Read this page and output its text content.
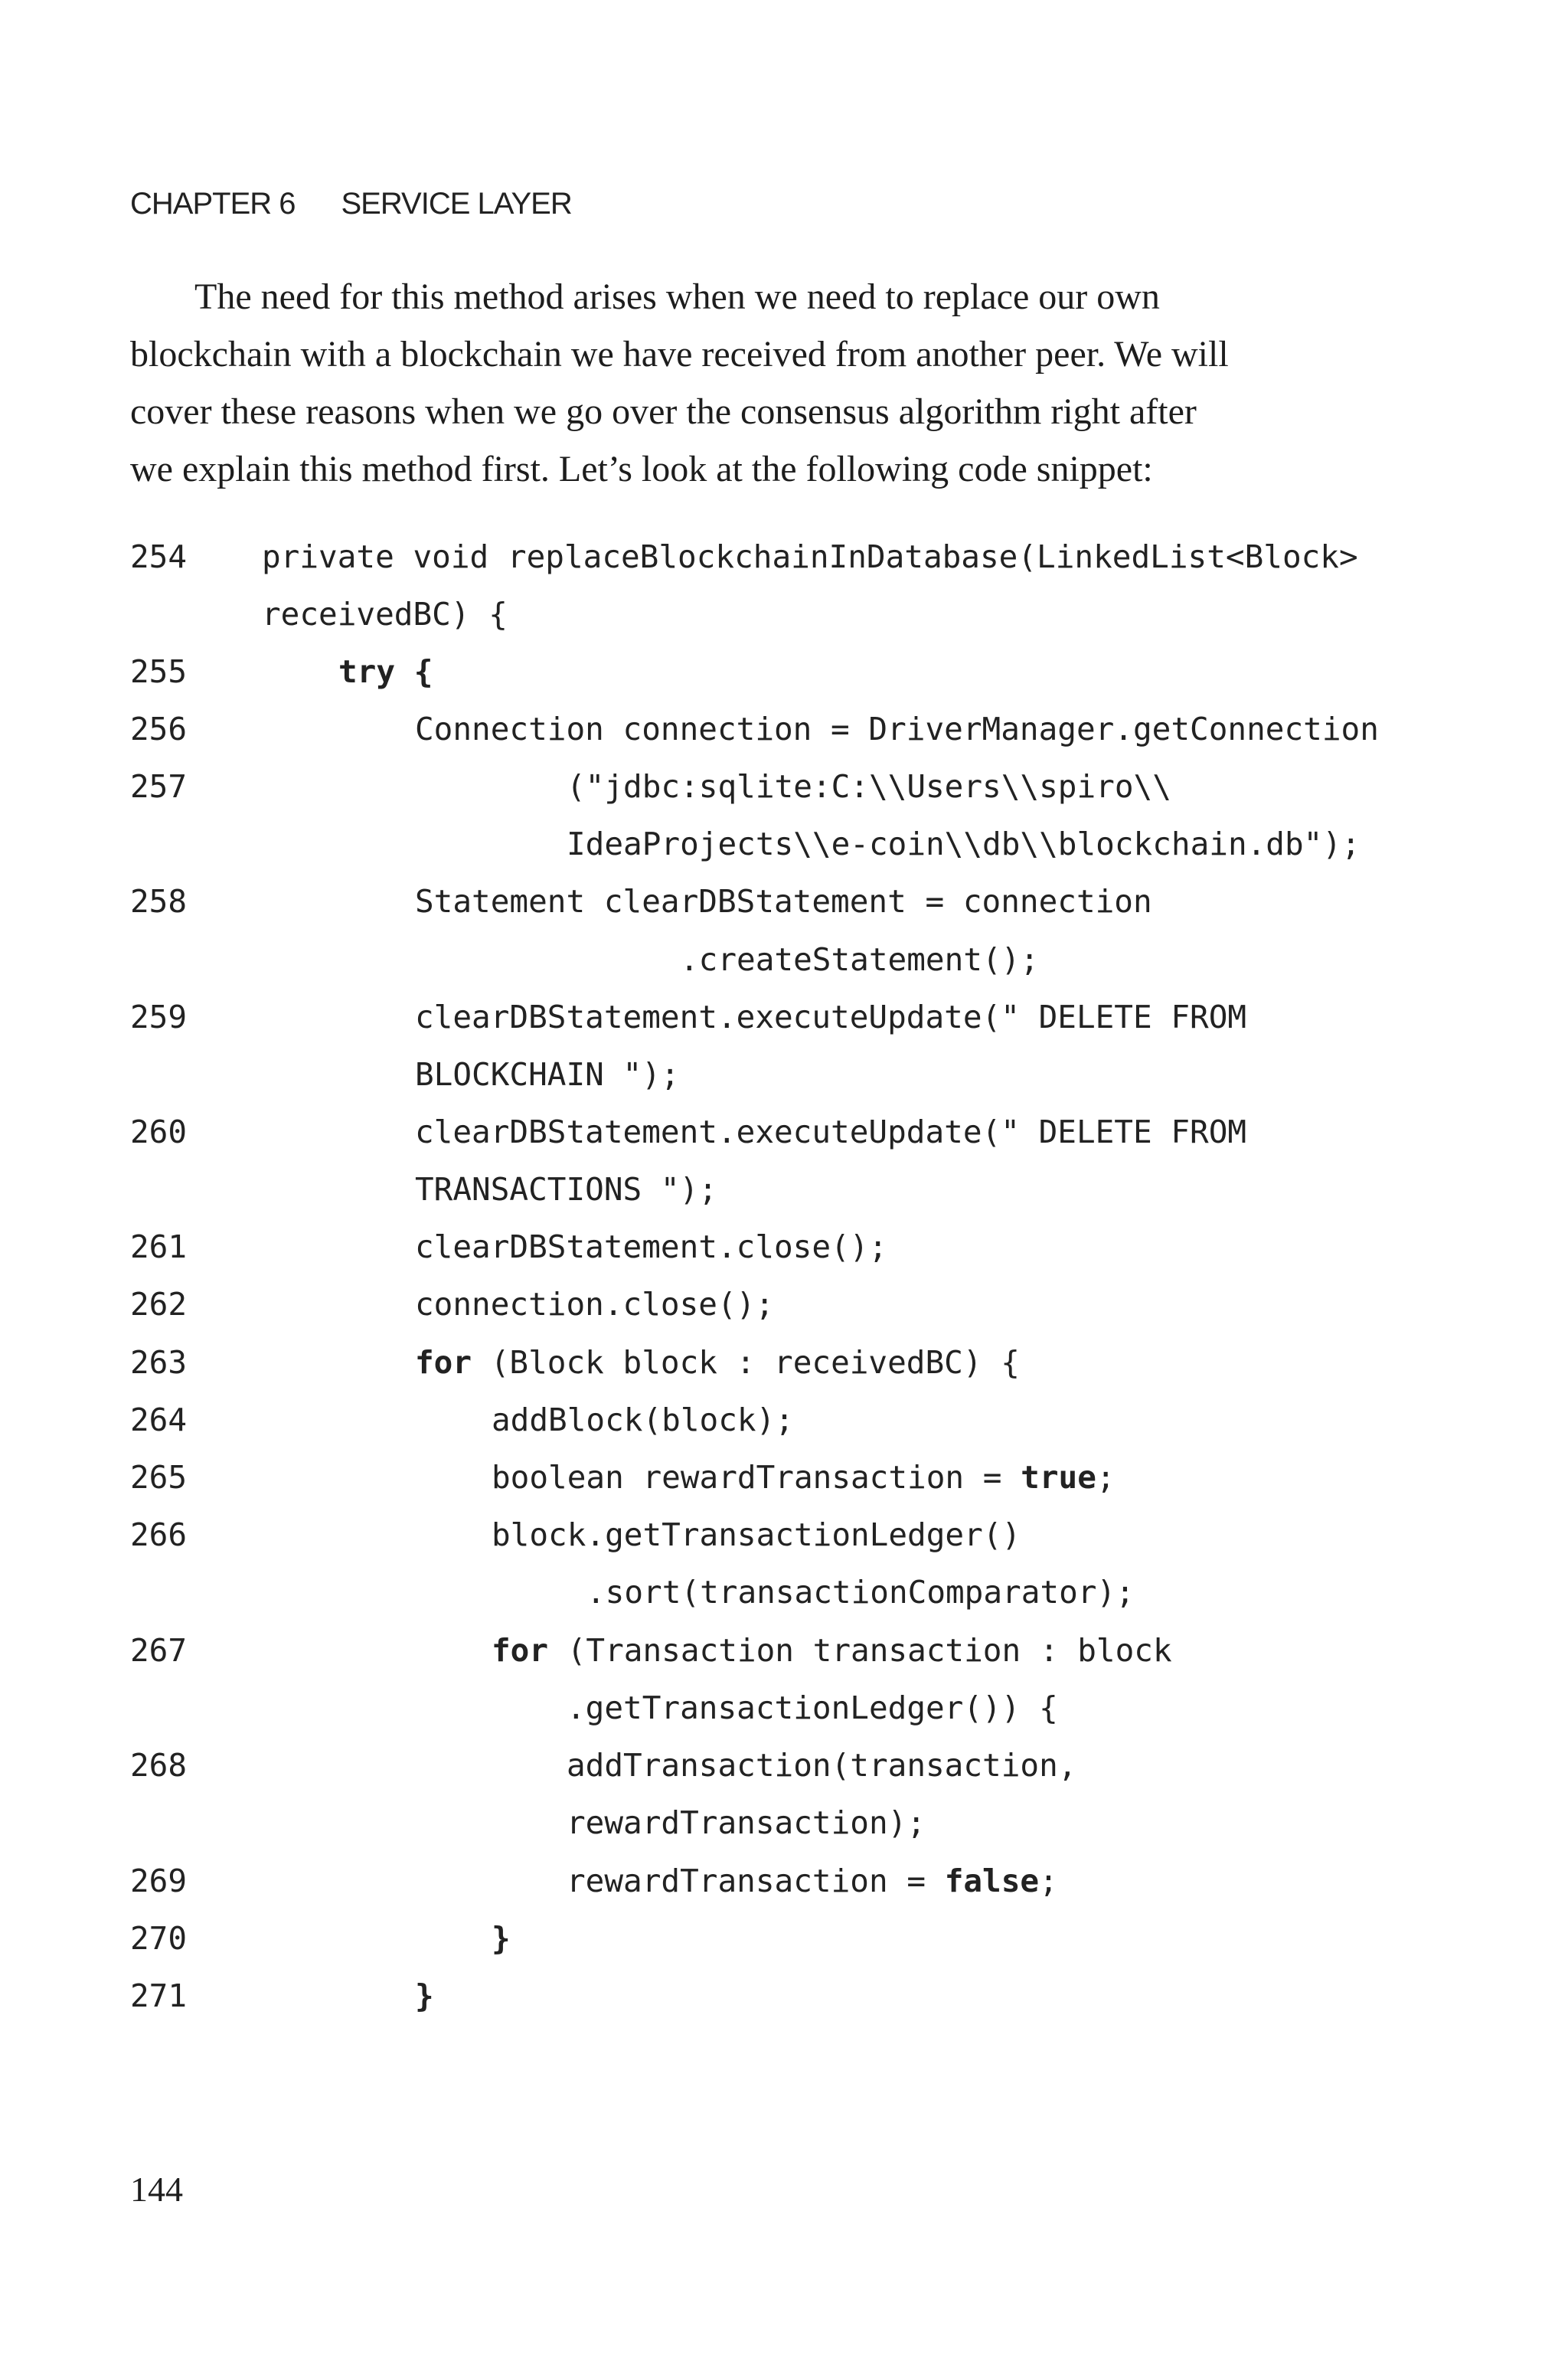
CHAPTER 6 SERVICE LAYER

The need for this method arises when we need to replace our own
blockchain with a blockchain we have received from another peer. We will
cover these reasons when we go over the consensus algorithm right after
we explain this method first. Let’s look at the following code snippet:

254
255
256
257
258
259
260
261
262
263
264
265
266
267
268
269
270
271
private void replaceBlockchainInDatabase(LinkedList<Block>
receivedBC) {
try {
Connection connection = DriverManager.getConnection
("jdbc:sqlite:C:\\Users\\spiro\\
IdeaProjects\\e-coin\\db\\blockchain.db");
Statement clearDBStatement = connection
.createStatement();
clearDBStatement.executeUpdate(" DELETE FROM
BLOCKCHAIN ");
clearDBStatement.executeUpdate(" DELETE FROM
TRANSACTIONS ");
clearDBStatement.close();
connection.close();
for (Block block : receivedBC) {
addBlock(block);
boolean rewardTransaction = true;
block.getTransactionLedger()
.sort(transactionComparator);
for (Transaction transaction : block
.getTransactionLedger()) {
addTransaction(transaction,
rewardTransaction);
rewardTransaction = false;
}
}
144
